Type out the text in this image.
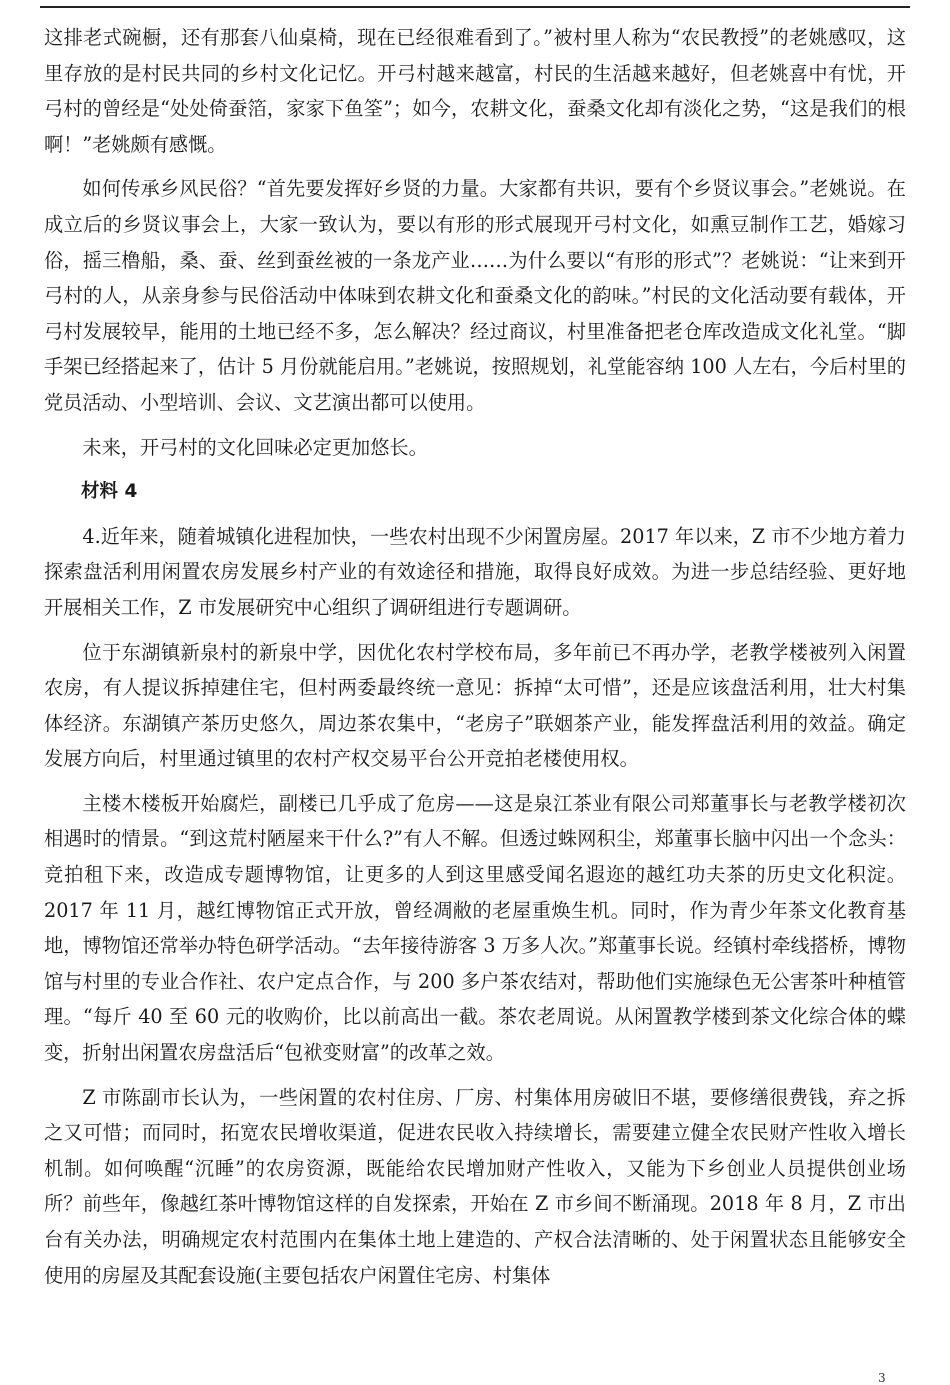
这排老式碗橱，还有那套八仙桌椅，现在已经很难看到了。”被村里人称为“农民教授”的老姚感叹，这里存放的是村民共同的乡村文化记忆。开弓村越来越富，村民的生活越来越好，但老姚喜中有忧，开弓村的曾经是“处处倚蚕箔，家家下鱼筌”；如今，农耕文化，蚕桑文化却有淡化之势，“这是我们的根啊！”老姚颇有感慨。

如何传承乡风民俗？“首先要发挥好乡贤的力量。大家都有共识，要有个乡贤议事会。”老姚说。在成立后的乡贤议事会上，大家一致认为，要以有形的形式展现开弓村文化，如熏豆制作工艺，婚嫁习俗，摇三橹船，桑、蚕、丝到蚕丝被的一条龙产业……为什么要以“有形的形式”？老姚说：“让来到开弓村的人，从亲身参与民俗活动中体味到农耕文化和蚕桑文化的韵味。”村民的文化活动要有载体，开弓村发展较早，能用的土地已经不多，怎么解决？经过商议，村里准备把老仓库改造成文化礼堂。“脚手架已经搭起来了，估计 5 月份就能启用。”老姚说，按照规划，礼堂能容纳 100 人左右，今后村里的党员活动、小型培训、会议、文艺演出都可以使用。

未来，开弓村的文化回味必定更加悠长。

材料 4

4.近年来，随着城镇化进程加快，一些农村出现不少闲置房屋。2017 年以来，Z 市不少地方着力探索盘活利用闲置农房发展乡村产业的有效途径和措施，取得良好成效。为进一步总结经验、更好地开展相关工作，Z 市发展研究中心组织了调研组进行专题调研。

位于东湖镇新泉村的新泉中学，因优化农村学校布局，多年前已不再办学，老教学楼被列入闲置农房，有人提议拆掉建住宅，但村两委最终统一意见：拆掉“太可惜”，还是应该盘活利用，壮大村集体经济。东湖镇产茶历史悠久，周边茶农集中，“老房子”联姻茶产业，能发挥盘活利用的效益。确定发展方向后，村里通过镇里的农村产权交易平台公开竞拍老楼使用权。

主楼木楼板开始腐烂，副楼已几乎成了危房——这是泉江茶业有限公司郑董事长与老教学楼初次相遇时的情景。“到这荒村陋屋来干什么?”有人不解。但透过蛛网积尘，郑董事长脑中闪出一个念头：竞拍租下来，改造成专题博物馆，让更多的人到这里感受闻名遐迩的越红功夫茶的历史文化积淀。2017 年 11 月，越红博物馆正式开放，曾经凋敝的老屋重焕生机。同时，作为青少年茶文化教育基地，博物馆还常举办特色研学活动。“去年接待游客 3 万多人次。”郑董事长说。经镇村牵线搭桥，博物馆与村里的专业合作社、农户定点合作，与 200 多户茶农结对，帮助他们实施绿色无公害茶叶种植管理。“每斤 40 至 60 元的收购价，比以前高出一截。茶农老周说。从闲置教学楼到茶文化综合体的蝶变，折射出闲置农房盘活后“包袱变财富”的改革之效。

Z 市陈副市长认为，一些闲置的农村住房、厂房、村集体用房破旧不堪，要修缮很费钱，弃之拆之又可惜；而同时，拓宽农民增收渠道，促进农民收入持续增长，需要建立健全农民财产性收入增长机制。如何唤醒“沉睡”的农房资源，既能给农民增加财产性收入，又能为下乡创业人员提供创业场所？前些年，像越红茶叶博物馆这样的自发探索，开始在 Z 市乡间不断涌现。2018 年 8 月，Z 市出台有关办法，明确规定农村范围内在集体土地上建造的、产权合法清晰的、处于闲置状态且能够安全使用的房屋及其配套设施(主要包括农户闲置住宅房、村集体

3
